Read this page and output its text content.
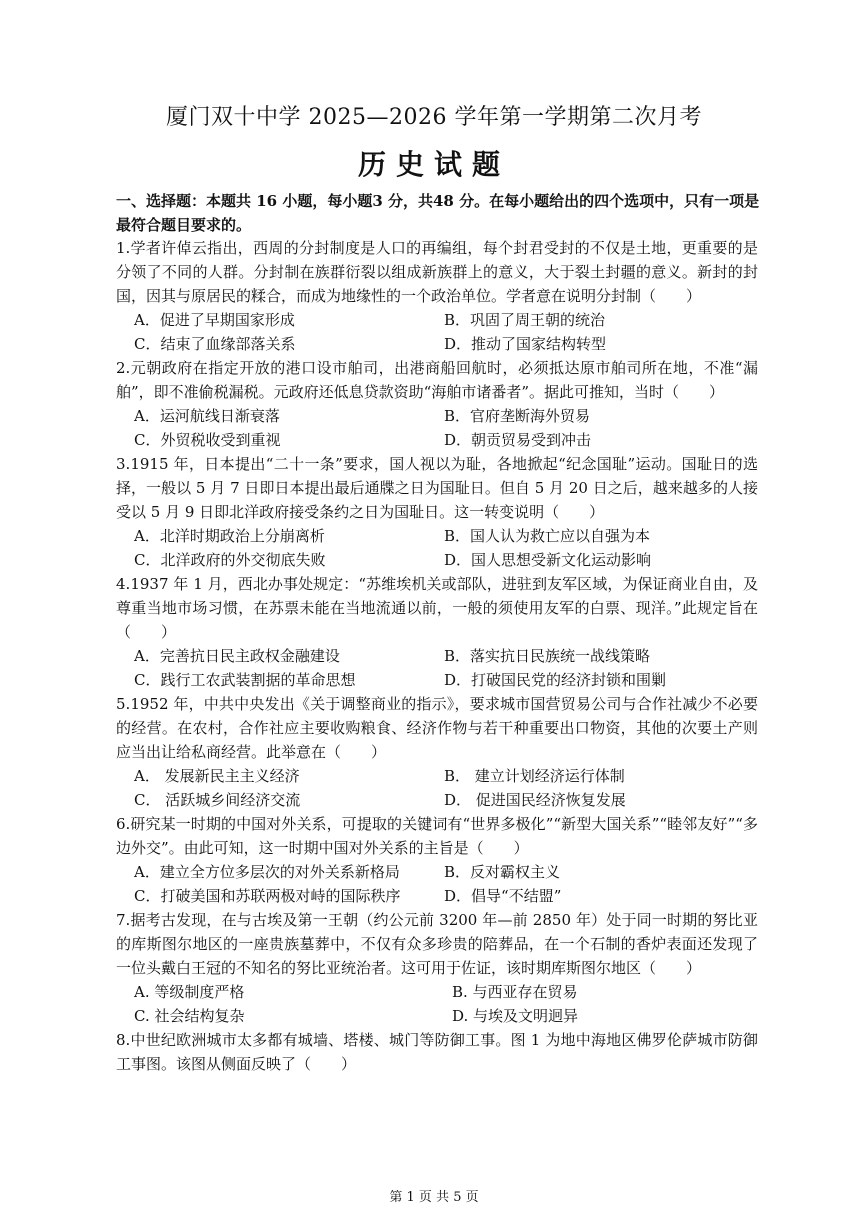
厦门双十中学 2025—2026 学年第一学期第二次月考
历史试题
一、选择题：本题共 16 小题，每小题3 分，共48 分。在每小题给出的四个选项中，只有一项是最符合题目要求的。
1.学者许倬云指出，西周的分封制度是人口的再编组，每个封君受封的不仅是土地，更重要的是分领了不同的人群。分封制在族群衍裂以组成新族群上的意义，大于裂土封疆的意义。新封的封国，因其与原居民的糅合，而成为地缘性的一个政治单位。学者意在说明分封制（　　）
A．促进了早期国家形成	B．巩固了周王朝的统治
C．结束了血缘部落关系	D．推动了国家结构转型
2.元朝政府在指定开放的港口设市舶司，出港商船回航时，必须抵达原市舶司所在地，不准“漏舶”，即不准偷税漏税。元政府还低息贷款资助“海舶市诸番者”。据此可推知，当时（　　）
A．运河航线日渐衰落	B．官府垄断海外贸易
C．外贸税收受到重视	D．朝贡贸易受到冲击
3.1915 年，日本提出“二十一条”要求，国人视以为耻，各地掀起“纪念国耻”运动。国耻日的选择，一般以 5 月 7 日即日本提出最后通牒之日为国耻日。但自 5 月 20 日之后，越来越多的人接受以 5 月 9 日即北洋政府接受条约之日为国耻日。这一转变说明（　　）
A．北洋时期政治上分崩离析	B．国人认为救亡应以自强为本
C．北洋政府的外交彻底失败	D．国人思想受新文化运动影响
4.1937 年 1 月，西北办事处规定：“苏维埃机关或部队，进驻到友军区域，为保证商业自由，及尊重当地市场习惯，在苏票未能在当地流通以前，一般的须使用友军的白票、现洋。”此规定旨在（　　）
A．完善抗日民主政权金融建设	B．落实抗日民族统一战线策略
C．践行工农武装割据的革命思想	D．打破国民党的经济封锁和围剿
5.1952 年，中共中央发出《关于调整商业的指示》，要求城市国营贸易公司与合作社减少不必要的经营。在农村，合作社应主要收购粮食、经济作物与若干种重要出口物资，其他的次要土产则应当出让给私商经营。此举意在（　　）
A． 发展新民主主义经济	B． 建立计划经济运行体制
C． 活跃城乡间经济交流	D． 促进国民经济恢复发展
6.研究某一时期的中国对外关系，可提取的关键词有“世界多极化”“新型大国关系”“睦邻友好”“多边外交”。由此可知，这一时期中国对外关系的主旨是（　　）
A．建立全方位多层次的对外关系新格局	B．反对霸权主义
C．打破美国和苏联两极对峙的国际秩序	D．倡导“不结盟”
7.据考古发现，在与古埃及第一王朝（约公元前 3200 年—前 2850 年）处于同一时期的努比亚的库斯图尔地区的一座贵族墓葬中，不仅有众多珍贵的陪葬品，在一个石制的香炉表面还发现了一位头戴白王冠的不知名的努比亚统治者。这可用于佐证，该时期库斯图尔地区（　　）
A. 等级制度严格	B. 与西亚存在贸易
C. 社会结构复杂	D. 与埃及文明迥异
8.中世纪欧洲城市太多都有城墙、塔楼、城门等防御工事。图 1 为地中海地区佛罗伦萨城市防御工事图。该图从侧面反映了（　　）
第 1 页 共 5 页
